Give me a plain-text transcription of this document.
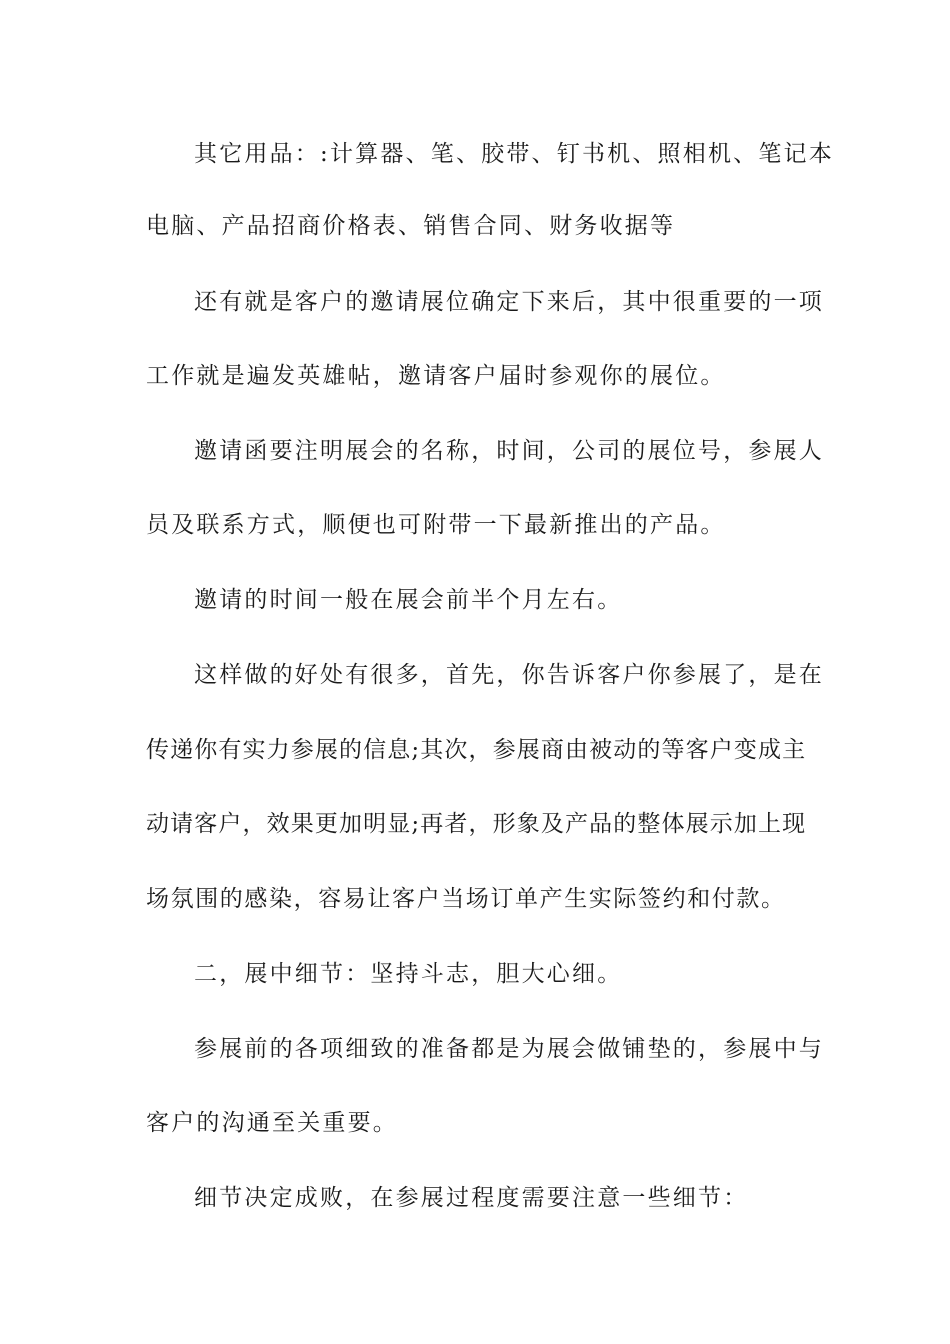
其它用品：:计算器、笔、胶带、钉书机、照相机、笔记本
电脑、产品招商价格表、销售合同、财务收据等
还有就是客户的邀请展位确定下来后，其中很重要的一项
工作就是遍发英雄帖，邀请客户届时参观你的展位。
邀请函要注明展会的名称，时间，公司的展位号，参展人
员及联系方式，顺便也可附带一下最新推出的产品。
邀请的时间一般在展会前半个月左右。
这样做的好处有很多，首先，你告诉客户你参展了，是在
传递你有实力参展的信息;其次，参展商由被动的等客户变成主
动请客户，效果更加明显;再者，形象及产品的整体展示加上现
场氛围的感染，容易让客户当场订单产生实际签约和付款。
二，展中细节：坚持斗志，胆大心细。
参展前的各项细致的准备都是为展会做铺垫的，参展中与
客户的沟通至关重要。
细节决定成败，在参展过程度需要注意一些细节：
